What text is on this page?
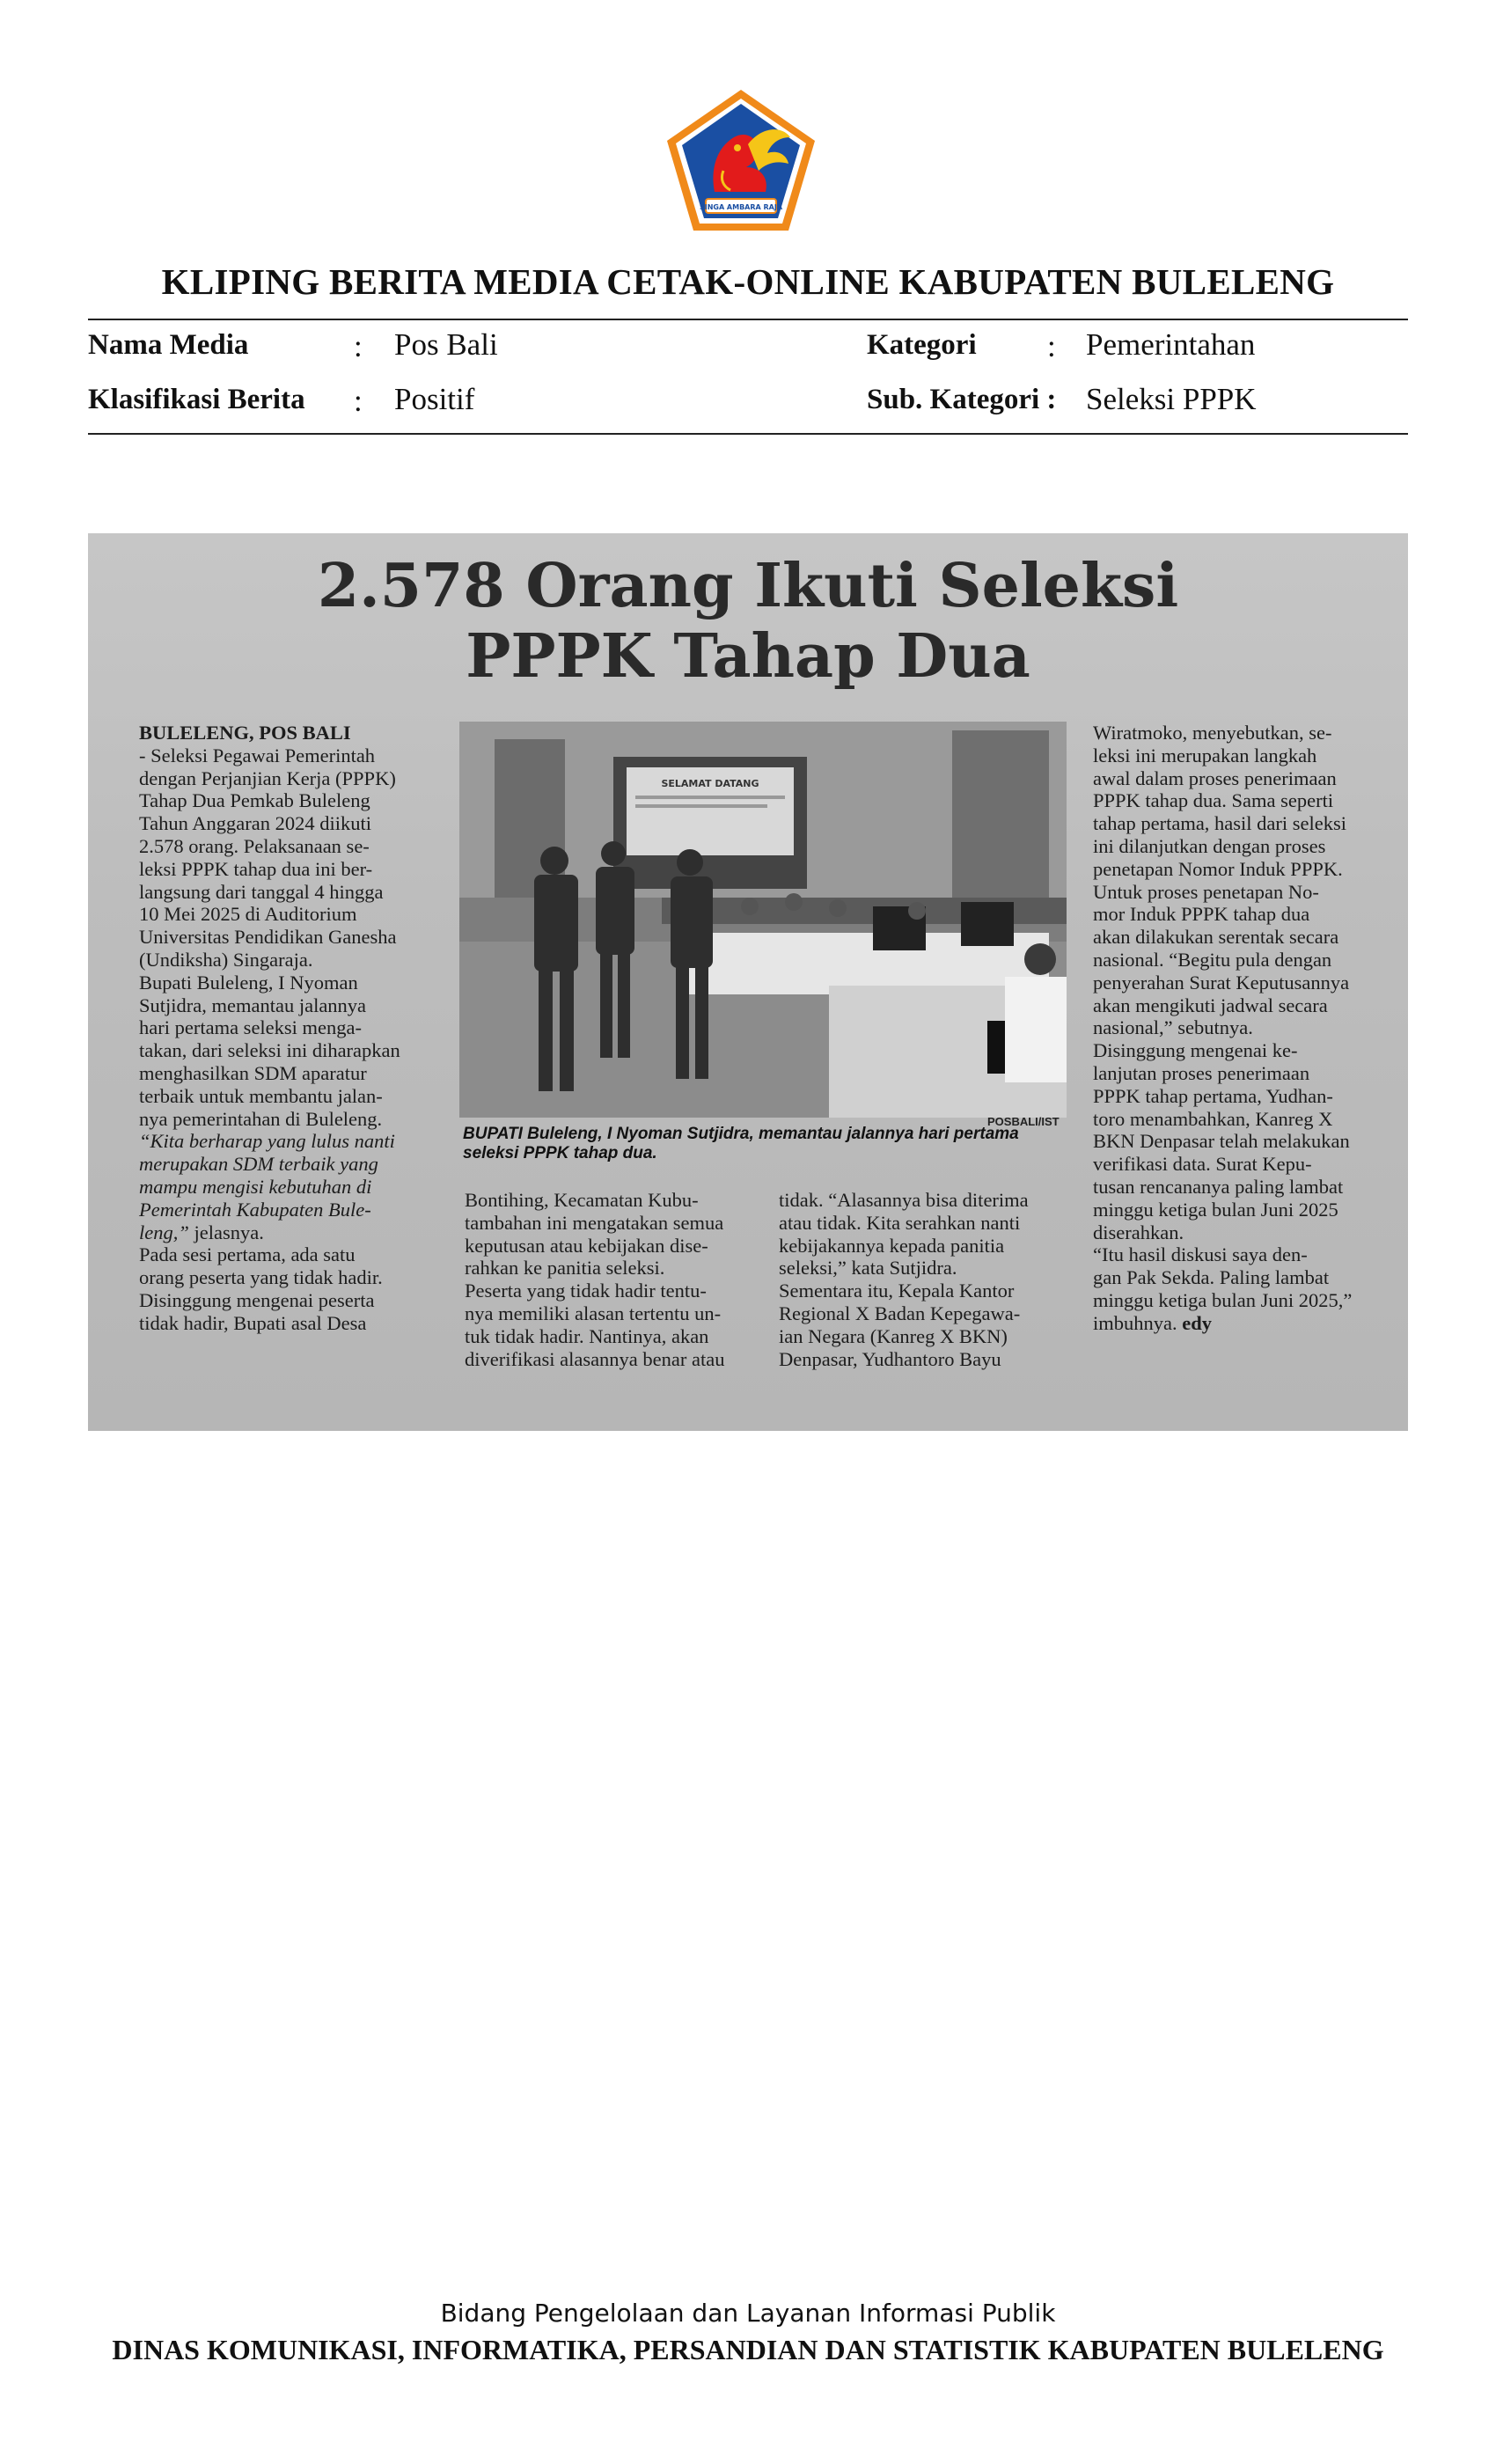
SINGA AMBARA RAJA
KLIPING BERITA MEDIA CETAK-ONLINE KABUPATEN BULELENG
Nama Media	: Pos Bali	Kategori : Pemerintahan
Klasifikasi Berita : Positif	Sub. Kategori : Seleksi PPPK
2.578 Orang Ikuti Seleksi
PPPK Tahap Dua
BULELENG, POS BALI
- Seleksi Pegawai Pemerintah
dengan Perjanjian Kerja (PPPK)
Tahap Dua Pemkab Buleleng
Tahun Anggaran 2024 diikuti
2.578 orang. Pelaksanaan se-
leksi PPPK tahap dua ini ber-
langsung dari tanggal 4 hingga
10 Mei 2025 di Auditorium
Universitas Pendidikan Ganesha
(Undiksha) Singaraja.
Bupati Buleleng, I Nyoman
Sutjidra, memantau jalannya
hari pertama seleksi menga-
takan, dari seleksi ini diharapkan
menghasilkan SDM aparatur
terbaik untuk membantu jalan-
nya pemerintahan di Buleleng.
“Kita berharap yang lulus nanti
merupakan SDM terbaik yang
mampu mengisi kebutuhan di
Pemerintah Kabupaten Bule-
leng,” jelasnya.
Pada sesi pertama, ada satu
orang peserta yang tidak hadir.
Disinggung mengenai peserta
tidak hadir, Bupati asal Desa
SELAMAT DATANG
POSBALI/IST
BUPATI Buleleng, I Nyoman Sutjidra, memantau jalannya hari pertama seleksi PPPK tahap dua.
Bontihing, Kecamatan Kubu-
tambahan ini mengatakan semua
keputusan atau kebijakan dise-
rahkan ke panitia seleksi.
Peserta yang tidak hadir tentu-
nya memiliki alasan tertentu un-
tuk tidak hadir. Nantinya, akan
diverifikasi alasannya benar atau
tidak. “Alasannya bisa diterima
atau tidak. Kita serahkan nanti
kebijakannya kepada panitia
seleksi,” kata Sutjidra.
Sementara itu, Kepala Kantor
Regional X Badan Kepegawa-
ian Negara (Kanreg X BKN)
Denpasar, Yudhantoro Bayu
Wiratmoko, menyebutkan, se-
leksi ini merupakan langkah
awal dalam proses penerimaan
PPPK tahap dua. Sama seperti
tahap pertama, hasil dari seleksi
ini dilanjutkan dengan proses
penetapan Nomor Induk PPPK.
Untuk proses penetapan No-
mor Induk PPPK tahap dua
akan dilakukan serentak secara
nasional. “Begitu pula dengan
penyerahan Surat Keputusannya
akan mengikuti jadwal secara
nasional,” sebutnya.
Disinggung mengenai ke-
lanjutan proses penerimaan
PPPK tahap pertama, Yudhan-
toro menambahkan, Kanreg X
BKN Denpasar telah melakukan
verifikasi data. Surat Kepu-
tusan rencananya paling lambat
minggu ketiga bulan Juni 2025
diserahkan.
“Itu hasil diskusi saya den-
gan Pak Sekda. Paling lambat
minggu ketiga bulan Juni 2025,”
imbuhnya. edy
Bidang Pengelolaan dan Layanan Informasi Publik
DINAS KOMUNIKASI, INFORMATIKA, PERSANDIAN DAN STATISTIK KABUPATEN BULELENG
